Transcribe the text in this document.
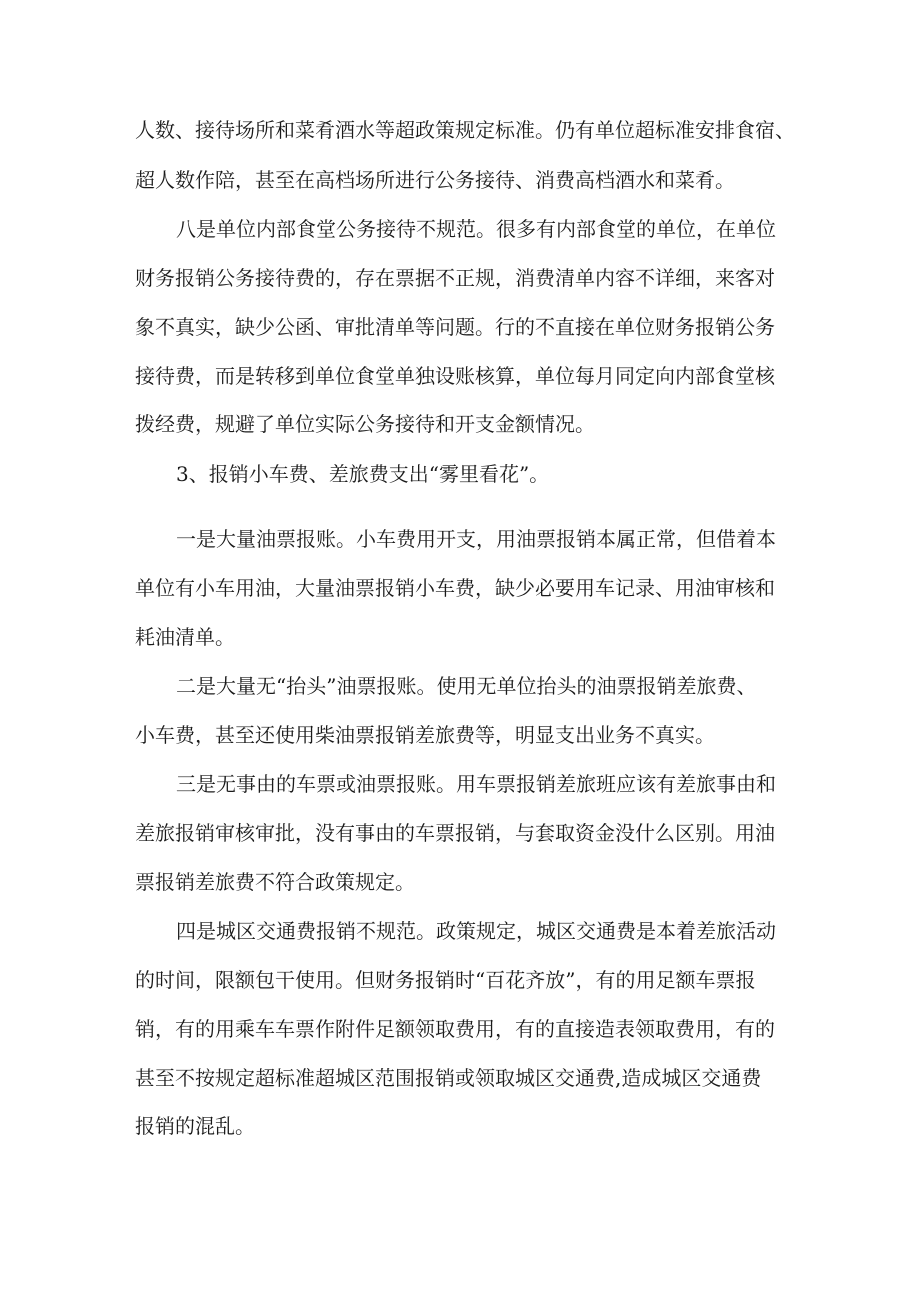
人数、接待场所和菜肴酒水等超政策规定标准。仍有单位超标准安排食宿、
超人数作陪，甚至在高档场所进行公务接待、消费高档酒水和菜肴。
八是单位内部食堂公务接待不规范。很多有内部食堂的单位，在单位
财务报销公务接待费的，存在票据不正规，消费清单内容不详细，来客对
象不真实，缺少公函、审批清单等问题。行的不直接在单位财务报销公务
接待费，而是转移到单位食堂单独设账核算，单位每月同定向内部食堂核
拨经费，规避了单位实际公务接待和开支金额情况。
3、报销小车费、差旅费支出“雾里看花”。
一是大量油票报账。小车费用开支，用油票报销本属正常，但借着本
单位有小车用油，大量油票报销小车费，缺少必要用车记录、用油审核和
耗油清单。
二是大量无“抬头”油票报账。使用无单位抬头的油票报销差旅费、
小车费，甚至还使用柴油票报销差旅费等，明显支出业务不真实。
三是无事由的车票或油票报账。用车票报销差旅班应该有差旅事由和
差旅报销审核审批，没有事由的车票报销，与套取资金没什么区别。用油
票报销差旅费不符合政策规定。
四是城区交通费报销不规范。政策规定，城区交通费是本着差旅活动
的时间，限额包干使用。但财务报销时“百花齐放”，有的用足额车票报
销，有的用乘车车票作附件足额领取费用，有的直接造表领取费用，有的
甚至不按规定超标准超城区范围报销或领取城区交通费,造成城区交通费
报销的混乱。
